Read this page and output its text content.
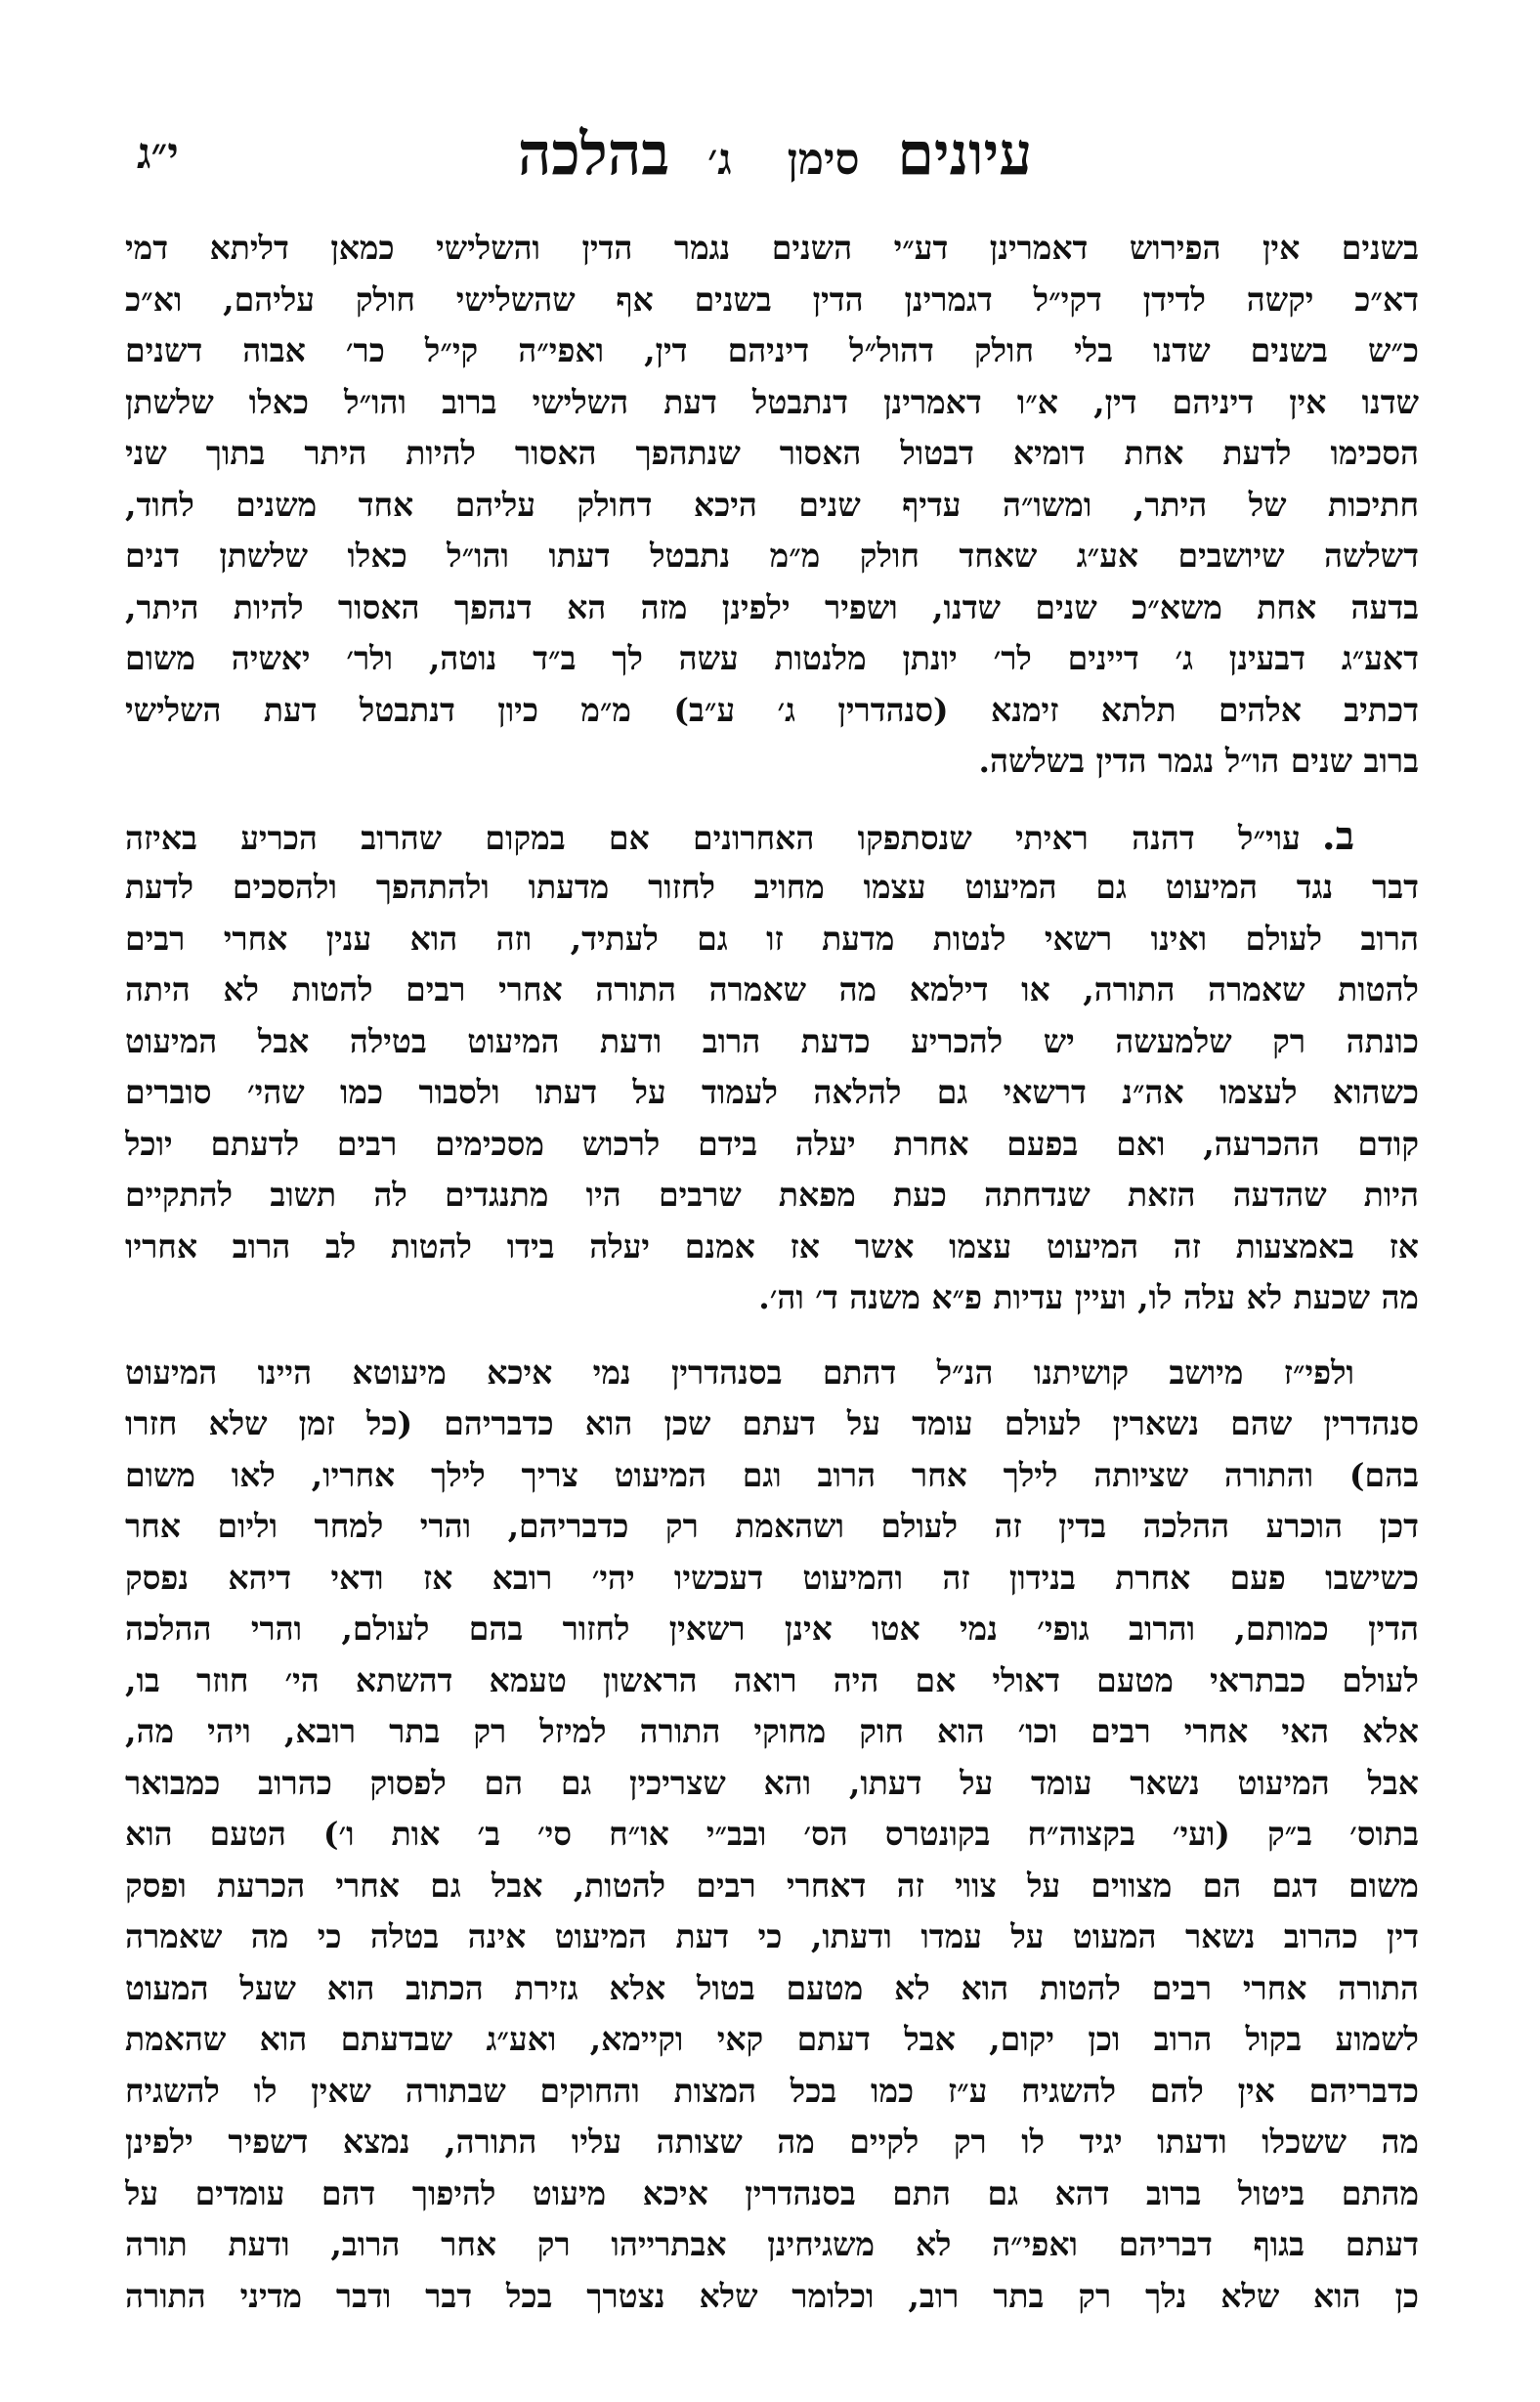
עיונים סימן ג׳ בהלכה
י״ג
בשנים אין הפירוש דאמרינן דע״י השנים נגמר הדין והשלישי כמאן דליתא דמי
דא״כ יקשה לדידן דקי״ל דגמרינן הדין בשנים אף שהשלישי חולק עליהם, וא״כ
כ״ש בשנים שדנו בלי חולק דהול״ל דיניהם דין, ואפי״ה קי״ל כר׳ אבוה דשנים
שדנו אין דיניהם דין, א״ו דאמרינן דנתבטל דעת השלישי ברוב והו״ל כאלו שלשתן
הסכימו לדעת אחת דומיא דבטול האסור שנתהפך האסור להיות היתר בתוך שני
חתיכות של היתר, ומשו״ה עדיף שנים היכא דחולק עליהם אחד משנים לחוד,
דשלשה שיושבים אע״ג שאחד חולק מ״מ נתבטל דעתו והו״ל כאלו שלשתן דנים
בדעה אחת משא״כ שנים שדנו, ושפיר ילפינן מזה הא דנהפך האסור להיות היתר,
דאע״ג דבעינן ג׳ דיינים לר׳ יונתן מלנטות עשה לך ב״ד נוטה, ולר׳ יאשיה משום
דכתיב אלהים תלתא זימנא (סנהדרין ג׳ ע״ב) מ״מ כיון דנתבטל דעת השלישי
ברוב שנים הו״ל נגמר הדין בשלשה.
ב.עוי״ל דהנה ראיתי שנסתפקו האחרונים אם במקום שהרוב הכריע באיזה
דבר נגד המיעוט גם המיעוט עצמו מחויב לחזור מדעתו ולהתהפך ולהסכים לדעת
הרוב לעולם ואינו רשאי לנטות מדעת זו גם לעתיד, וזה הוא ענין אחרי רבים
להטות שאמרה התורה, או דילמא מה שאמרה התורה אחרי רבים להטות לא היתה
כונתה רק שלמעשה יש להכריע כדעת הרוב ודעת המיעוט בטילה אבל המיעוט
כשהוא לעצמו אה״נ דרשאי גם להלאה לעמוד על דעתו ולסבור כמו שהי׳ סוברים
קודם ההכרעה, ואם בפעם אחרת יעלה בידם לרכוש מסכימים רבים לדעתם יוכל
היות שהדעה הזאת שנדחתה כעת מפאת שרבים היו מתנגדים לה תשוב להתקיים
אז באמצעות זה המיעוט עצמו אשר אז אמנם יעלה בידו להטות לב הרוב אחריו
מה שכעת לא עלה לו, ועיין עדיות פ״א משנה ד׳ וה׳.
ולפי״ז מיושב קושיתנו הנ״ל דהתם בסנהדרין נמי איכא מיעוטא היינו המיעוט
סנהדרין שהם נשארין לעולם עומד על דעתם שכן הוא כדבריהם (כל זמן שלא חזרו
בהם) והתורה שציותה לילך אחר הרוב וגם המיעוט צריך לילך אחריו, לאו משום
דכן הוכרע ההלכה בדין זה לעולם ושהאמת רק כדבריהם, והרי למחר וליום אחר
כשישבו פעם אחרת בנידון זה והמיעוט דעכשיו יהי׳ רובא אז ודאי דיהא נפסק
הדין כמותם, והרוב גופי׳ נמי אטו אינן רשאין לחזור בהם לעולם, והרי ההלכה
לעולם כבתראי מטעם דאולי אם היה רואה הראשון טעמא דהשתא הי׳ חוזר בו,
אלא האי אחרי רבים וכו׳ הוא חוק מחוקי התורה למיזל רק בתר רובא, ויהי מה,
אבל המיעוט נשאר עומד על דעתו, והא שצריכין גם הם לפסוק כהרוב כמבואר
בתוס׳ ב״ק (ועי׳ בקצוה״ח בקונטרס הס׳ ובב״י או״ח סי׳ ב׳ אות ו׳) הטעם הוא
משום דגם הם מצווים על צווי זה דאחרי רבים להטות, אבל גם אחרי הכרעת ופסק
דין כהרוב נשאר המעוט על עמדו ודעתו, כי דעת המיעוט אינה בטלה כי מה שאמרה
התורה אחרי רבים להטות הוא לא מטעם בטול אלא גזירת הכתוב הוא שעל המעוט
לשמוע בקול הרוב וכן יקום, אבל דעתם קאי וקיימא, ואע״ג שבדעתם הוא שהאמת
כדבריהם אין להם להשגיח ע״ז כמו בכל המצות והחוקים שבתורה שאין לו להשגיח
מה ששכלו ודעתו יגיד לו רק לקיים מה שצותה עליו התורה, נמצא דשפיר ילפינן
מהתם ביטול ברוב דהא גם התם בסנהדרין איכא מיעוט להיפוך דהם עומדים על
דעתם בגוף דבריהם ואפי״ה לא משגיחינן אבתרייהו רק אחר הרוב, ודעת תורה
כן הוא שלא נלך רק בתר רוב, וכלומר שלא נצטרך בכל דבר ודבר מדיני התורה
